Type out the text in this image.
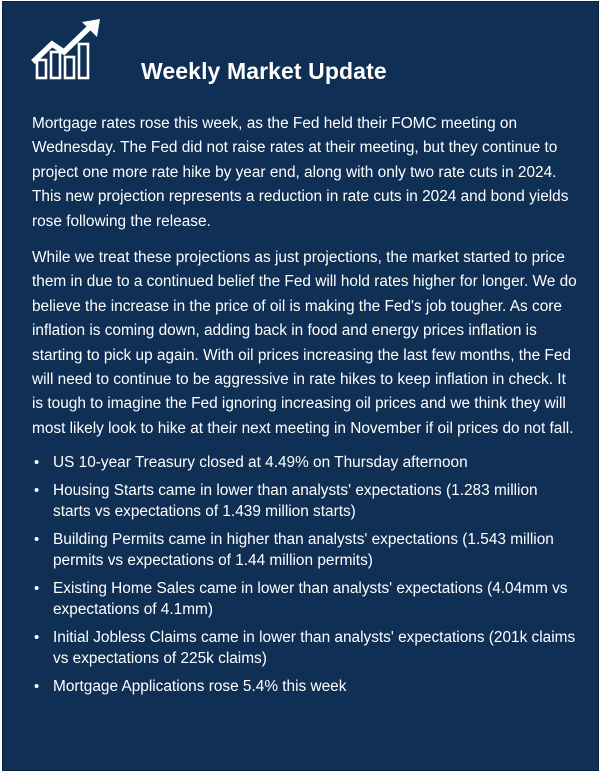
Weekly Market Update

Mortgage rates rose this week, as the Fed held their FOMC meeting on Wednesday. The Fed did not raise rates at their meeting, but they continue to project one more rate hike by year end, along with only two rate cuts in 2024. This new projection represents a reduction in rate cuts in 2024 and bond yields rose following the release.

While we treat these projections as just projections, the market started to price them in due to a continued belief the Fed will hold rates higher for longer. We do believe the increase in the price of oil is making the Fed's job tougher. As core inflation is coming down, adding back in food and energy prices inflation is starting to pick up again. With oil prices increasing the last few months, the Fed will need to continue to be aggressive in rate hikes to keep inflation in check. It is tough to imagine the Fed ignoring increasing oil prices and we think they will most likely look to hike at their next meeting in November if oil prices do not fall.

• US 10-year Treasury closed at 4.49% on Thursday afternoon
• Housing Starts came in lower than analysts' expectations (1.283 million starts vs expectations of 1.439 million starts)
• Building Permits came in higher than analysts' expectations (1.543 million permits vs expectations of 1.44 million permits)
• Existing Home Sales came in lower than analysts' expectations (4.04mm vs expectations of 4.1mm)
• Initial Jobless Claims came in lower than analysts' expectations (201k claims vs expectations of 225k claims)
• Mortgage Applications rose 5.4% this week
